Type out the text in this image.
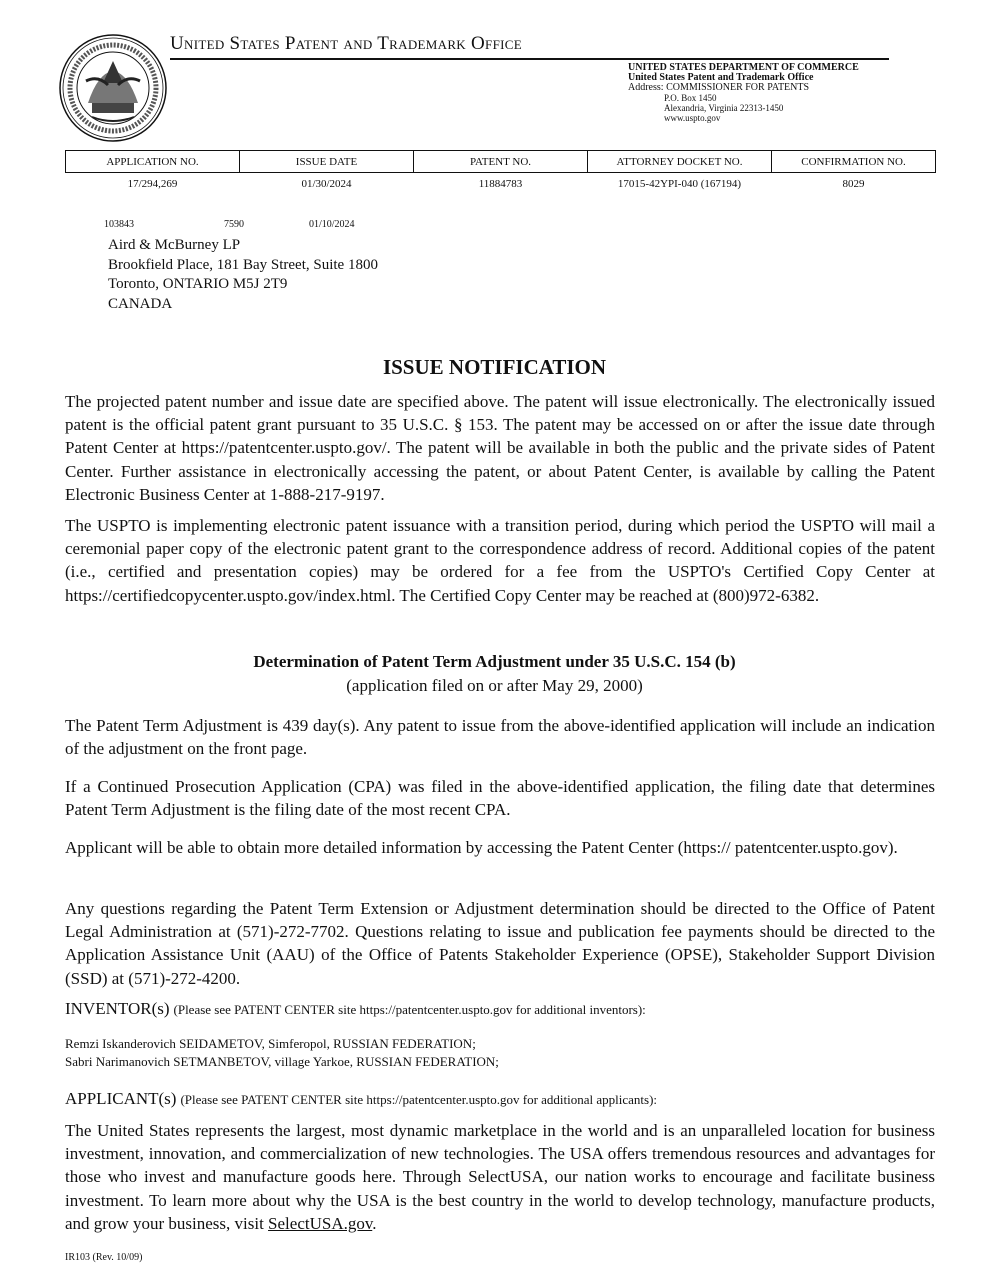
United States Patent and Trademark Office
UNITED STATES DEPARTMENT OF COMMERCE
United States Patent and Trademark Office
Address: COMMISSIONER FOR PATENTS
P.O. Box 1450
Alexandria, Virginia 22313-1450
www.uspto.gov
APPLICATION NO.	ISSUE DATE	PATENT NO.	ATTORNEY DOCKET NO.	CONFIRMATION NO.
17/294,269	01/30/2024	11884783	17015-42YPI-040 (167194)	8029
103843	7590	01/10/2024
Aird & McBurney LP
Brookfield Place, 181 Bay Street, Suite 1800
Toronto, ONTARIO M5J 2T9
CANADA
ISSUE NOTIFICATION

The projected patent number and issue date are specified above. The patent will issue electronically. The electronically issued patent is the official patent grant pursuant to 35 U.S.C. § 153. The patent may be accessed on or after the issue date through Patent Center at https://patentcenter.uspto.gov/. The patent will be available in both the public and the private sides of Patent Center. Further assistance in electronically accessing the patent, or about Patent Center, is available by calling the Patent Electronic Business Center at 1-888-217-9197.

The USPTO is implementing electronic patent issuance with a transition period, during which period the USPTO will mail a ceremonial paper copy of the electronic patent grant to the correspondence address of record. Additional copies of the patent (i.e., certified and presentation copies) may be ordered for a fee from the USPTO's Certified Copy Center at https://certifiedcopycenter.uspto.gov/index.html. The Certified Copy Center may be reached at (800)972-6382.

Determination of Patent Term Adjustment under 35 U.S.C. 154 (b)
(application filed on or after May 29, 2000)

The Patent Term Adjustment is 439 day(s). Any patent to issue from the above-identified application will include an indication of the adjustment on the front page.

If a Continued Prosecution Application (CPA) was filed in the above-identified application, the filing date that determines Patent Term Adjustment is the filing date of the most recent CPA.

Applicant will be able to obtain more detailed information by accessing the Patent Center (https:// patentcenter.uspto.gov).

Any questions regarding the Patent Term Extension or Adjustment determination should be directed to the Office of Patent Legal Administration at (571)-272-7702. Questions relating to issue and publication fee payments should be directed to the Application Assistance Unit (AAU) of the Office of Patents Stakeholder Experience (OPSE), Stakeholder Support Division (SSD) at (571)-272-4200.

INVENTOR(s) (Please see PATENT CENTER site https://patentcenter.uspto.gov for additional inventors):
Remzi Iskanderovich SEIDAMETOV, Simferopol, RUSSIAN FEDERATION;
Sabri Narimanovich SETMANBETOV, village Yarkoe, RUSSIAN FEDERATION;
APPLICANT(s) (Please see PATENT CENTER site https://patentcenter.uspto.gov for additional applicants):

The United States represents the largest, most dynamic marketplace in the world and is an unparalleled location for business investment, innovation, and commercialization of new technologies. The USA offers tremendous resources and advantages for those who invest and manufacture goods here. Through SelectUSA, our nation works to encourage and facilitate business investment. To learn more about why the USA is the best country in the world to develop technology, manufacture products, and grow your business, visit SelectUSA.gov.

IR103 (Rev. 10/09)
